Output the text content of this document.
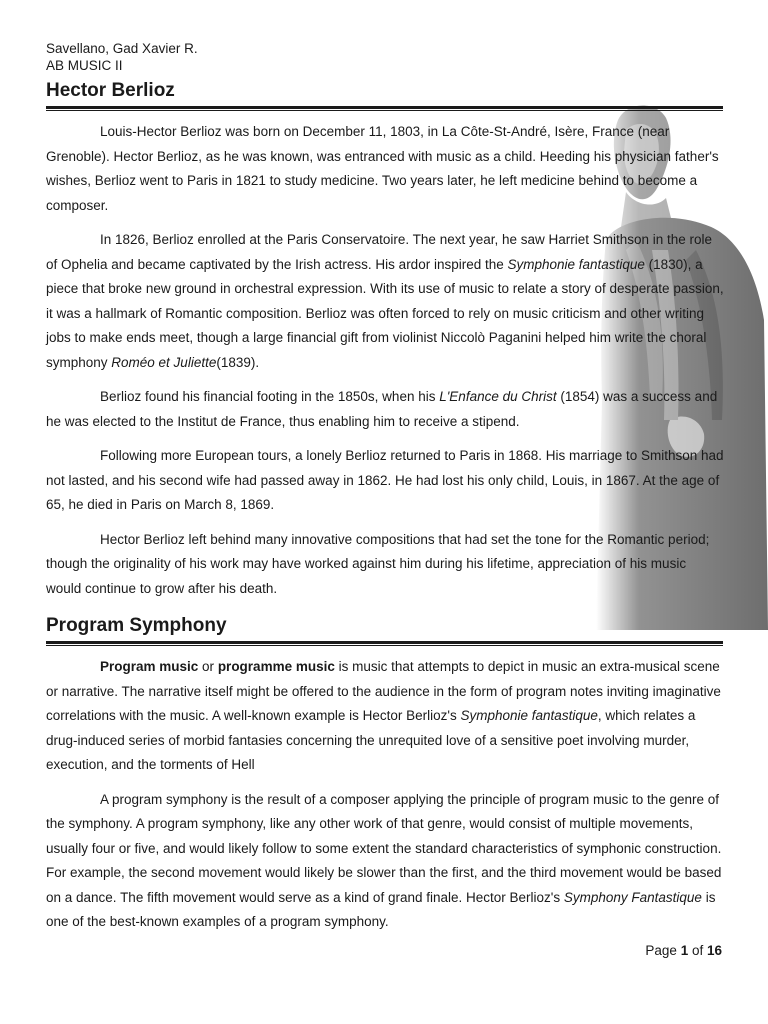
Savellano, Gad Xavier R.

AB MUSIC II

Hector Berlioz

Louis-Hector Berlioz was born on December 11, 1803, in La Côte-St-André, Isère, France (near Grenoble). Hector Berlioz, as he was known, was entranced with music as a child. Heeding his physician father's wishes, Berlioz went to Paris in 1821 to study medicine. Two years later, he left medicine behind to become a composer.

In 1826, Berlioz enrolled at the Paris Conservatoire. The next year, he saw Harriet Smithson in the role of Ophelia and became captivated by the Irish actress. His ardor inspired the Symphonie fantastique (1830), a piece that broke new ground in orchestral expression. With its use of music to relate a story of desperate passion, it was a hallmark of Romantic composition. Berlioz was often forced to rely on music criticism and other writing jobs to make ends meet, though a large financial gift from violinist Niccolò Paganini helped him write the choral symphony Roméo et Juliette(1839).

Berlioz found his financial footing in the 1850s, when his L'Enfance du Christ (1854) was a success and he was elected to the Institut de France, thus enabling him to receive a stipend.

Following more European tours, a lonely Berlioz returned to Paris in 1868. His marriage to Smithson had not lasted, and his second wife had passed away in 1862. He had lost his only child, Louis, in 1867. At the age of 65, he died in Paris on March 8, 1869.

Hector Berlioz left behind many innovative compositions that had set the tone for the Romantic period; though the originality of his work may have worked against him during his lifetime, appreciation of his music would continue to grow after his death.

Program Symphony

Program music or programme music is music that attempts to depict in music an extra-musical scene or narrative. The narrative itself might be offered to the audience in the form of program notes inviting imaginative correlations with the music. A well-known example is Hector Berlioz's Symphonie fantastique, which relates a drug-induced series of morbid fantasies concerning the unrequited love of a sensitive poet involving murder, execution, and the torments of Hell

A program symphony is the result of a composer applying the principle of program music to the genre of the symphony. A program symphony, like any other work of that genre, would consist of multiple movements, usually four or five, and would likely follow to some extent the standard characteristics of symphonic construction. For example, the second movement would likely be slower than the first, and the third movement would be based on a dance. The fifth movement would serve as a kind of grand finale. Hector Berlioz's Symphony Fantastique is one of the best-known examples of a program symphony.

Page 1 of 16
